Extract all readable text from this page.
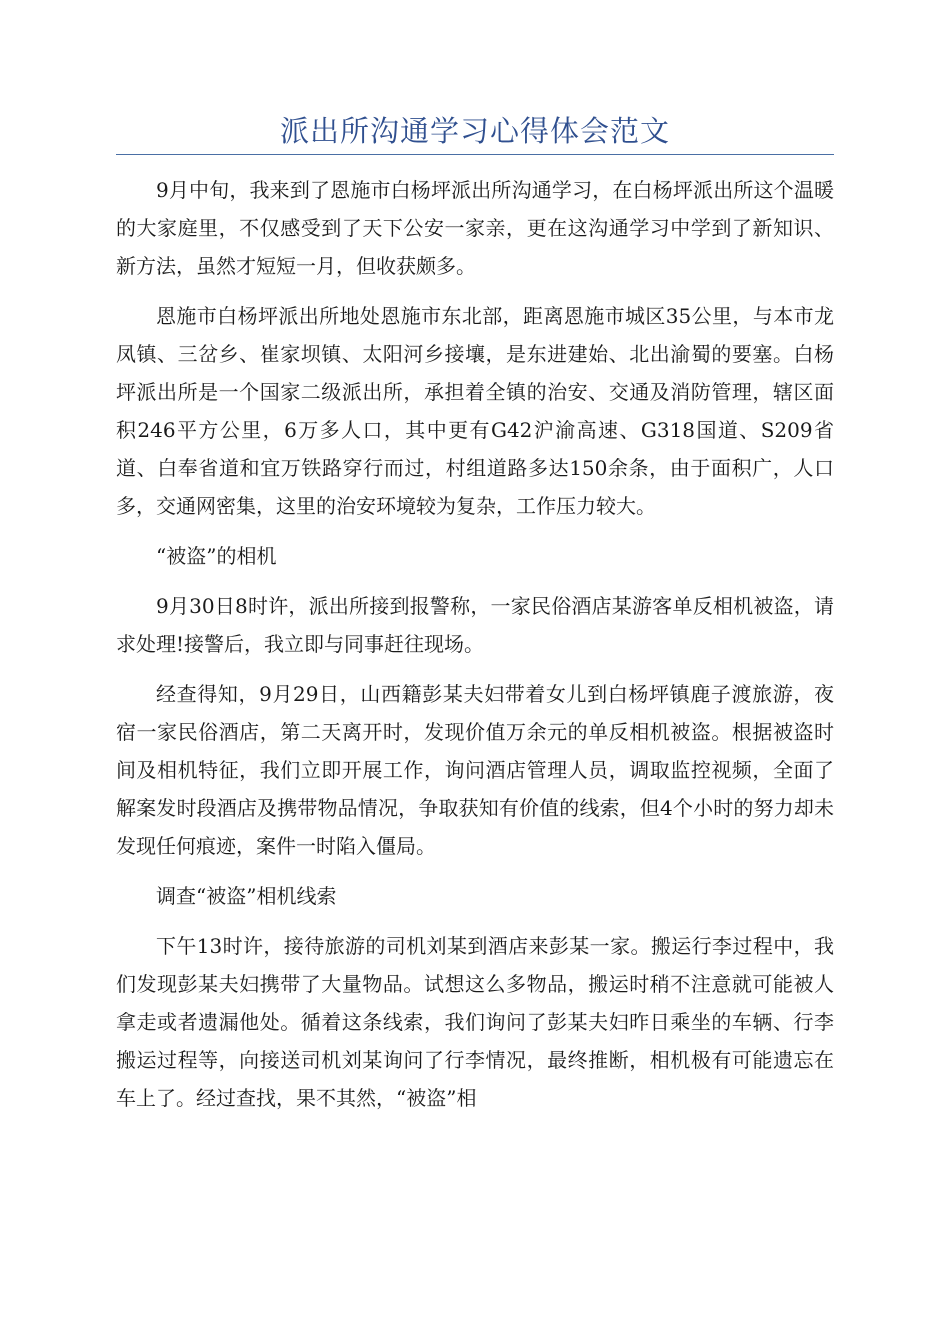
派出所沟通学习心得体会范文

9月中旬，我来到了恩施市白杨坪派出所沟通学习，在白杨坪派出所这个温暖的大家庭里，不仅感受到了天下公安一家亲，更在这沟通学习中学到了新知识、新方法，虽然才短短一月，但收获颇多。

恩施市白杨坪派出所地处恩施市东北部，距离恩施市城区35公里，与本市龙凤镇、三岔乡、崔家坝镇、太阳河乡接壤，是东进建始、北出渝蜀的要塞。白杨坪派出所是一个国家二级派出所，承担着全镇的治安、交通及消防管理，辖区面积246平方公里，6万多人口，其中更有G42沪渝高速、G318国道、S209省道、白奉省道和宜万铁路穿行而过，村组道路多达150余条，由于面积广，人口多，交通网密集，这里的治安环境较为复杂，工作压力较大。

“被盗”的相机

9月30日8时许，派出所接到报警称，一家民俗酒店某游客单反相机被盗，请求处理!接警后，我立即与同事赶往现场。

经查得知，9月29日，山西籍彭某夫妇带着女儿到白杨坪镇鹿子渡旅游，夜宿一家民俗酒店，第二天离开时，发现价值万余元的单反相机被盗。根据被盗时间及相机特征，我们立即开展工作，询问酒店管理人员，调取监控视频，全面了解案发时段酒店及携带物品情况，争取获知有价值的线索，但4个小时的努力却未发现任何痕迹，案件一时陷入僵局。

调查“被盗”相机线索

下午13时许，接待旅游的司机刘某到酒店来彭某一家。搬运行李过程中，我们发现彭某夫妇携带了大量物品。试想这么多物品，搬运时稍不注意就可能被人拿走或者遗漏他处。循着这条线索，我们询问了彭某夫妇昨日乘坐的车辆、行李搬运过程等，向接送司机刘某询问了行李情况，最终推断，相机极有可能遗忘在车上了。经过查找，果不其然，“被盗”相
